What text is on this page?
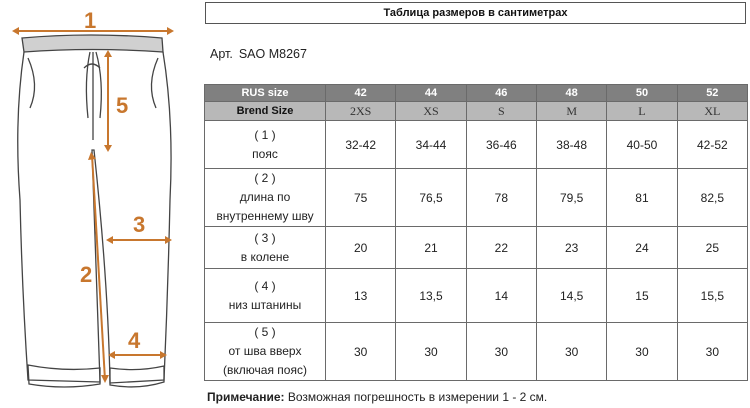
1
5
3
2
4
Таблица размеров в сантиметрах
Арт. SAO M8267
RUS size	42	44	46	48	50	52
Brend Size	2XS	XS	S	M	L	XL

( 1 )
пояс	32-42	34-44	36-46	38-48	40-50	42-52

( 2 )
длина по
внутреннему шву	75	76,5	78	79,5	81	82,5

( 3 )
в колене	20	21	22	23	24	25

( 4 )
низ штанины	13	13,5	14	14,5	15	15,5

( 5 )
от шва вверх
(включая пояс)	30	30	30	30	30	30
Примечание: Возможная погрешность в измерении 1 - 2 см.
